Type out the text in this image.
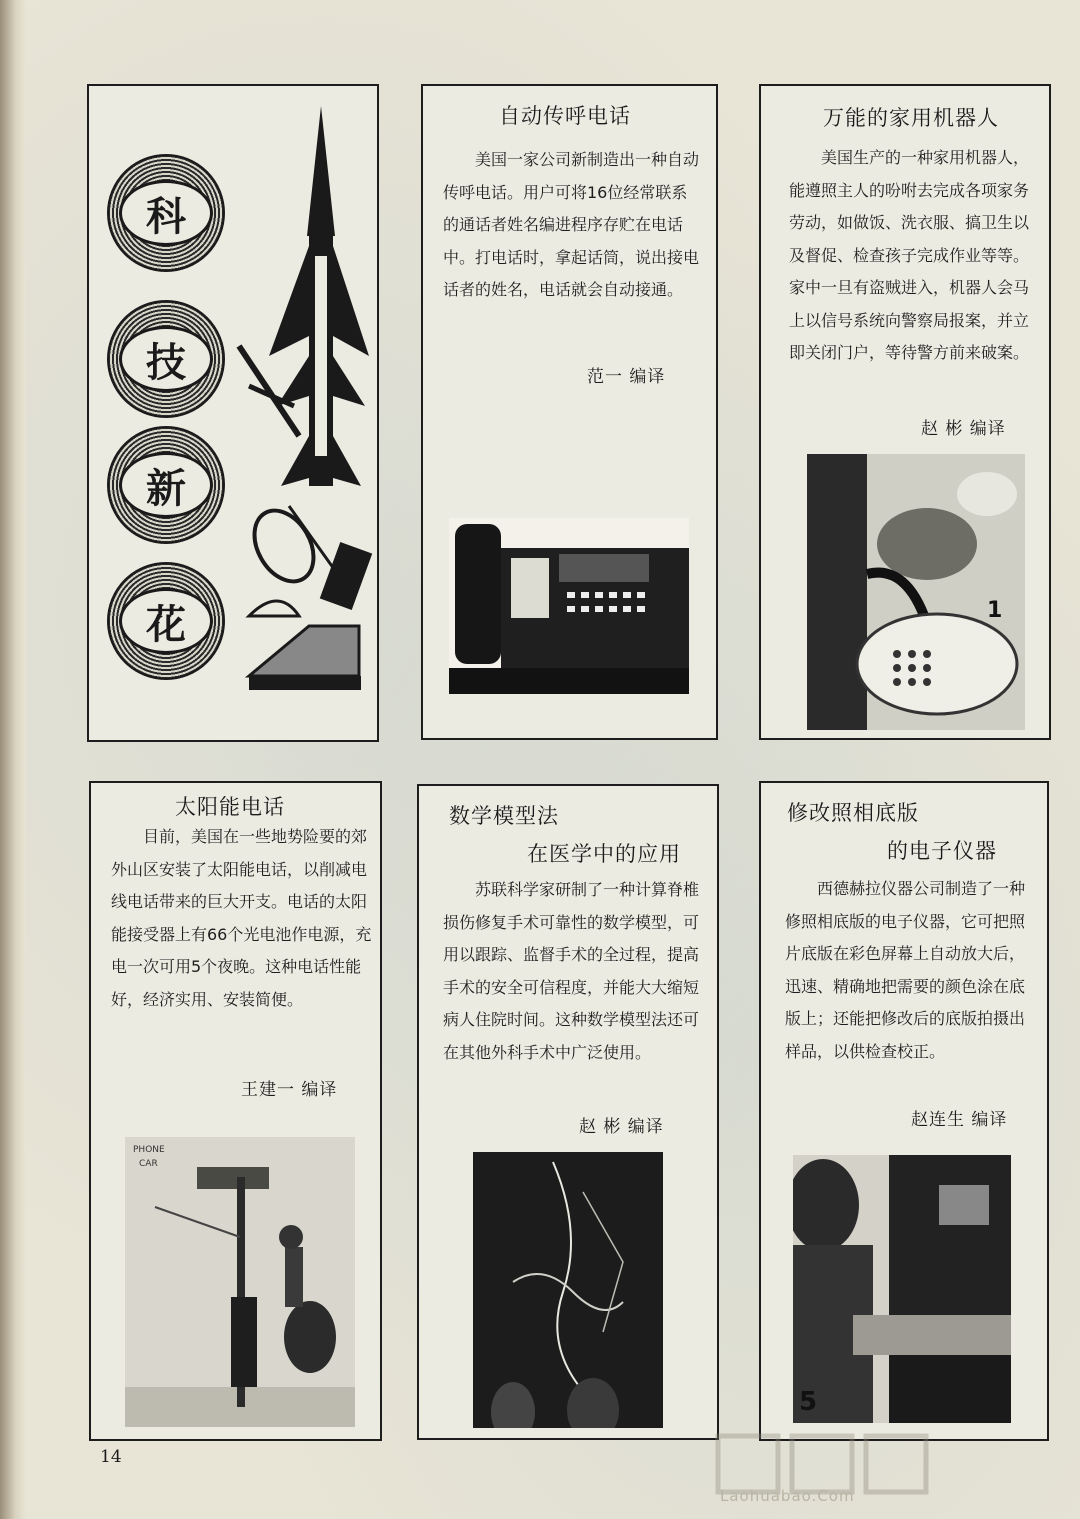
科
技
新
花
自动传呼电话

美国一家公司新制造出一种自动传呼电话。用户可将16位经常联系的通话者姓名编进程序存贮在电话中。打电话时，拿起话筒，说出接电话者的姓名，电话就会自动接通。

范一 编译
万能的家用机器人

美国生产的一种家用机器人，能遵照主人的吩咐去完成各项家务劳动，如做饭、洗衣服、搞卫生以及督促、检查孩子完成作业等等。家中一旦有盗贼进入，机器人会马上以信号系统向警察局报案，并立即关闭门户，等待警方前来破案。

赵 彬 编译
1
太阳能电话

目前，美国在一些地势险要的郊外山区安装了太阳能电话，以削减电线电话带来的巨大开支。电话的太阳能接受器上有66个光电池作电源，充电一次可用5个夜晚。这种电话性能好，经济实用、安装简便。

王建一 编译
PHONE
CAR
数学模型法
在医学中的应用

苏联科学家研制了一种计算脊椎损伤修复手术可靠性的数学模型，可用以跟踪、监督手术的全过程，提高手术的安全可信程度，并能大大缩短病人住院时间。这种数学模型法还可在其他外科手术中广泛使用。

赵 彬 编译
修改照相底版
的电子仪器

西德赫拉仪器公司制造了一种修照相底版的电子仪器，它可把照片底版在彩色屏幕上自动放大后，迅速、精确地把需要的颜色涂在底版上；还能把修改后的底版拍摄出样品，以供检查校正。

赵连生 编译
5
14
Laohuabao.Com
